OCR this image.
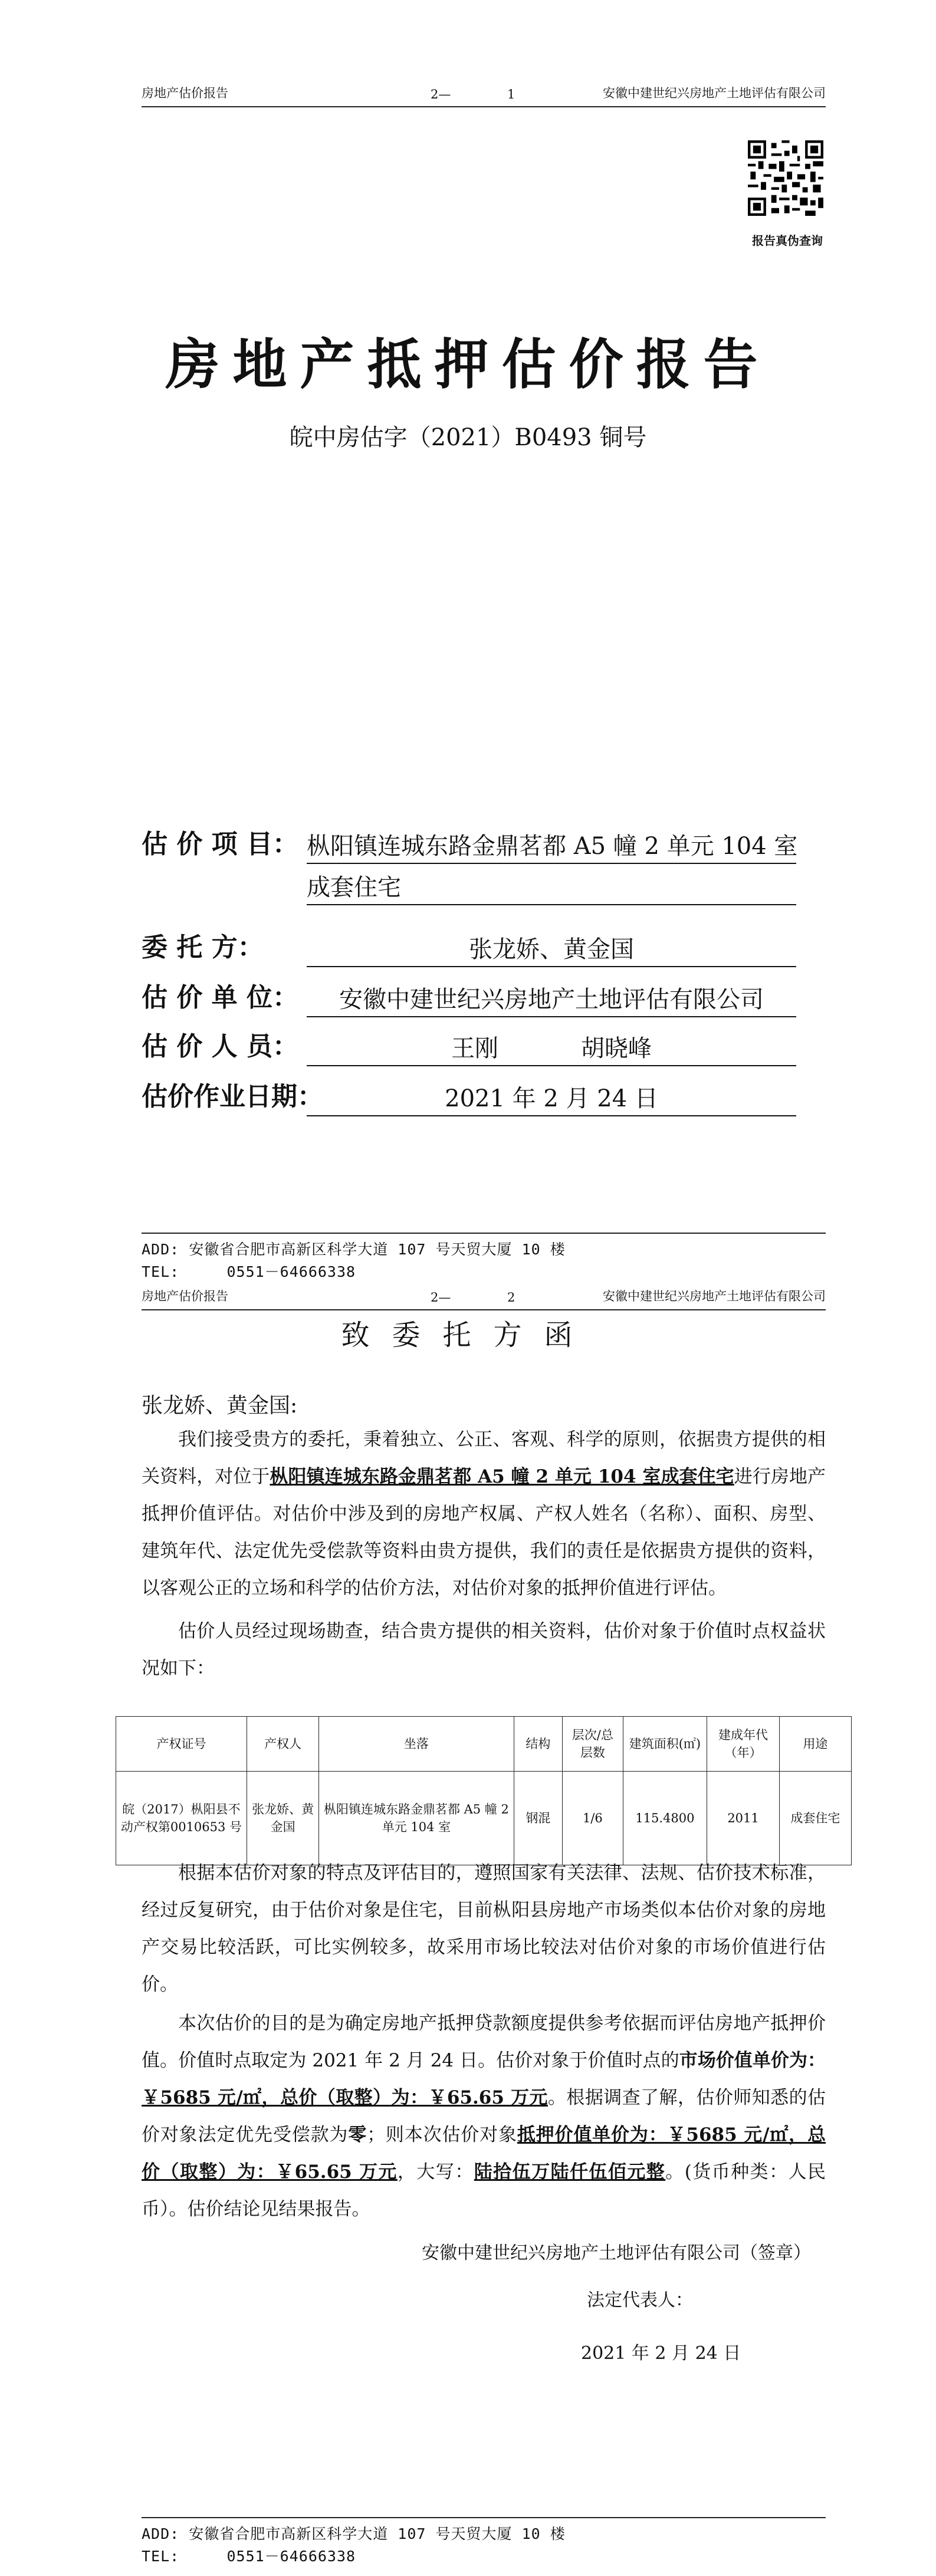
房地产估价报告	2—	1	安徽中建世纪兴房地产土地评估有限公司
报告真伪查询
房地产抵押估价报告
皖中房估字（2021）B0493 铜号
估 价 项 目： 枞阳镇连城东路金鼎茗都 A5 幢 2 单元 104 室
成套住宅
委 托 方：	张龙娇、黄金国
估 价 单 位：	安徽中建世纪兴房地产土地评估有限公司
估 价 人 员：	王刚           胡晓峰
估价作业日期：	2021 年 2 月 24 日
ADD: 安徽省合肥市高新区科学大道 107 号天贸大厦 10 楼
TEL:     0551－64666338
房地产估价报告	2—	2	安徽中建世纪兴房地产土地评估有限公司
致委托方函
张龙娇、黄金国:

我们接受贵方的委托，秉着独立、公正、客观、科学的原则，依据贵方提供的相关资料，对位于枞阳镇连城东路金鼎茗都 A5 幢 2 单元 104 室成套住宅进行房地产抵押价值评估。对估价中涉及到的房地产权属、产权人姓名（名称）、面积、房型、建筑年代、法定优先受偿款等资料由贵方提供，我们的责任是依据贵方提供的资料，以客观公正的立场和科学的估价方法，对估价对象的抵押价值进行评估。

估价人员经过现场勘查，结合贵方提供的相关资料，估价对象于价值时点权益状况如下：

产权证号	产权人	坐落	结构	层次/总层数	建筑面积(㎡)	建成年代（年）	用途
皖（2017）枞阳县不动产权第0010653 号	张龙娇、黄金国	枞阳镇连城东路金鼎茗都 A5 幢 2 单元 104 室	钢混	1/6	115.4800	2011	成套住宅

根据本估价对象的特点及评估目的，遵照国家有关法律、法规、估价技术标准，经过反复研究，由于估价对象是住宅，目前枞阳县房地产市场类似本估价对象的房地产交易比较活跃，可比实例较多，故采用市场比较法对估价对象的市场价值进行估价。

本次估价的目的是为确定房地产抵押贷款额度提供参考依据而评估房地产抵押价值。价值时点取定为 2021 年 2 月 24 日。估价对象于价值时点的市场价值单价为：￥5685 元/㎡，总价（取整）为：￥65.65 万元。根据调查了解，估价师知悉的估价对象法定优先受偿款为零；则本次估价对象抵押价值单价为：￥5685 元/㎡，总价（取整）为：￥65.65 万元，大写：陆拾伍万陆仟伍佰元整。(货币种类：人民币）。估价结论见结果报告。

安徽中建世纪兴房地产土地评估有限公司（签章）
法定代表人：
2021 年 2 月 24 日
ADD: 安徽省合肥市高新区科学大道 107 号天贸大厦 10 楼
TEL:     0551－64666338
